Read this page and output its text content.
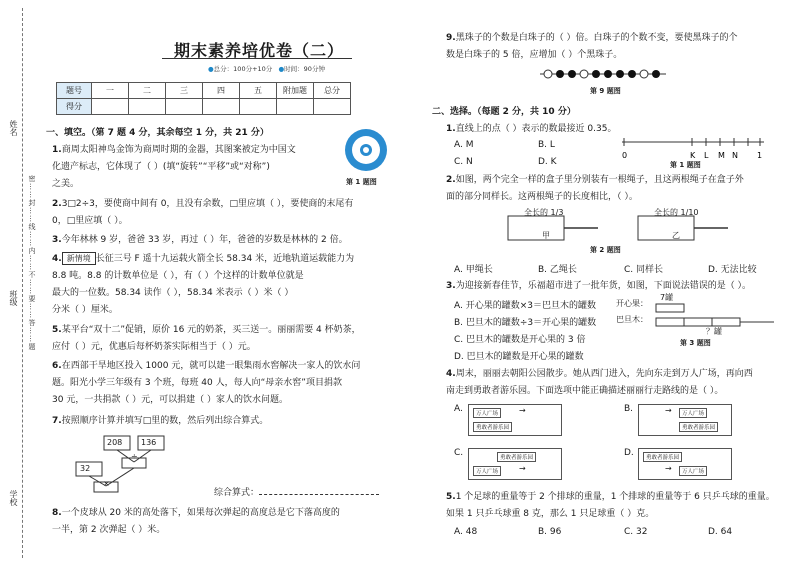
姓名
班级
学校
密……封……线……内……不……要……答……题
期末素养培优卷（二）
●总分：100分+10分 ●时间：90分钟
题号	一	二	三	四	五	附加题	总分
得分							
一、填空。（第 7 题 4 分，其余每空 1 分，共 21 分）
1.商周太阳神鸟金饰为商周时期的金器，其图案被定为中国文
化遗产标志，它体现了（ ）(填“旋转”“平移”或“对称”)
之美。	第 1 题图
2.3□2÷3，要使商中间有 0，且没有余数，□里应填（ ），要使商的末尾有
0，□里应填（ ）。
3.今年林林 9 岁，爸爸 33 岁，再过（ ）年，爸爸的岁数是林林的 2 倍。
4. 新情境 长征三号 F 遥十九运载火箭全长 58.34 米，近地轨道运载能力为
8.8 吨。8.8 的计数单位是（ ），有（ ）个这样的计数单位就是
最大的一位数。58.34 读作（ ），58.34 米表示（ ）米（ ）
分米（ ）厘米。
5.某平台“双十二”促销，原价 16 元的奶茶，买三送一。丽丽需要 4 杯奶茶，
应付（ ）元，优惠后每杯奶茶实际相当于（ ）元。
6.在西部干旱地区投入 1000 元，就可以建一眼集雨水窖解决一家人的饮水问
题。阳光小学三年级有 3 个班，每班 40 人，每人向“母亲水窖”项目捐款
30 元，一共捐款（ ）元，可以捐建（ ）家人的饮水问题。
7.按照顺序计算并填写□里的数，然后列出综合算式。
208 136
32
÷
×
综合算式：
8.一个皮球从 20 米的高处落下，如果每次弹起的高度总是它下落高度的
一半，第 2 次弹起（ ）米。
9.黑珠子的个数是白珠子的（ ）倍。白珠子的个数不变，要使黑珠子的个
数是白珠子的 5 倍，应增加（ ）个黑珠子。
第 9 题图
二、选择。（每题 2 分，共 10 分）
1.直线上的点（ ）表示的数最接近 0.35。
0	K L M N 1
A. M	B. L
C. N	D. K	第 1 题图
2.如图，两个完全一样的盒子里分别装有一根绳子，且这两根绳子在盒子外
面的部分同样长。这两根绳子的长度相比，（ ）。
全长的 1/3	全长的 1/10
甲	乙
第 2 题图
A. 甲绳长	B. 乙绳长	C. 同样长	D. 无法比较
3.为迎接新春佳节，乐福超市进了一批年货，如图，下面说法错误的是（ ）。
A. 开心果的罐数×3＝巴旦木的罐数
B. 巴旦木的罐数÷3＝开心果的罐数
C. 巴旦木的罐数是开心果的 3 倍
D. 巴旦木的罐数是开心果的罐数
开心果：
巴旦木：
7罐
？罐
第 3 题图
4.周末，丽丽去朝阳公园散步。她从西门进入，先向东走到万人广场，再向西
南走到勇敢者游乐园。下面选项中能正确描述丽丽行走路线的是（ ）。
A.	万人广场	→
勇敢者游乐园
B.	→	万人广场
勇敢者游乐园
C.	勇敢者游乐园
万人广场	→
D.	勇敢者游乐园
→	万人广场
5.1 个足球的重量等于 2 个排球的重量，1 个排球的重量等于 6 只乒乓球的重量。
如果 1 只乒乓球重 8 克，那么 1 只足球重（ ）克。
A. 48	B. 96	C. 32	D. 64
